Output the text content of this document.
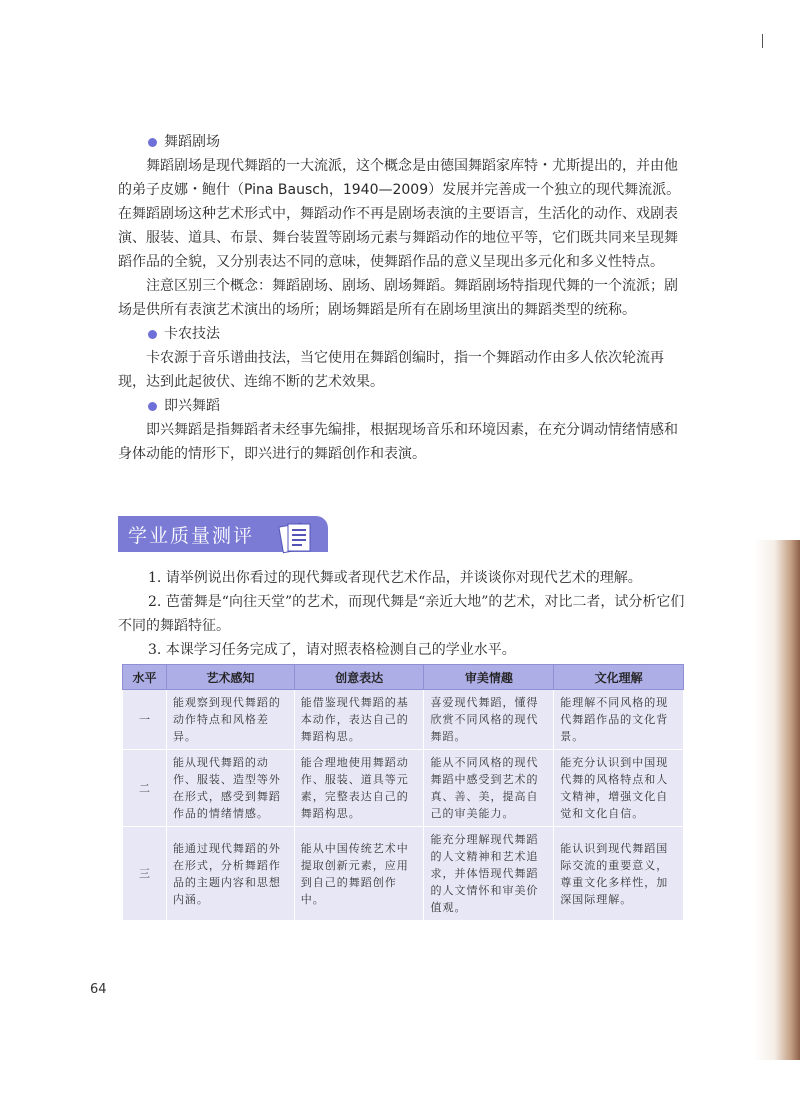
舞蹈剧场

舞蹈剧场是现代舞蹈的一大流派，这个概念是由德国舞蹈家库特・尤斯提出的，并由他的弟子皮娜・鲍什（Pina Bausch，1940—2009）发展并完善成一个独立的现代舞流派。在舞蹈剧场这种艺术形式中，舞蹈动作不再是剧场表演的主要语言，生活化的动作、戏剧表演、服装、道具、布景、舞台装置等剧场元素与舞蹈动作的地位平等，它们既共同来呈现舞蹈作品的全貌，又分别表达不同的意味，使舞蹈作品的意义呈现出多元化和多义性特点。

注意区别三个概念：舞蹈剧场、剧场、剧场舞蹈。舞蹈剧场特指现代舞的一个流派；剧场是供所有表演艺术演出的场所；剧场舞蹈是所有在剧场里演出的舞蹈类型的统称。

卡农技法

卡农源于音乐谱曲技法，当它使用在舞蹈创编时，指一个舞蹈动作由多人依次轮流再现，达到此起彼伏、连绵不断的艺术效果。

即兴舞蹈

即兴舞蹈是指舞蹈者未经事先编排，根据现场音乐和环境因素，在充分调动情绪情感和身体动能的情形下，即兴进行的舞蹈创作和表演。

学业质量测评

1. 请举例说出你看过的现代舞或者现代艺术作品，并谈谈你对现代艺术的理解。

2. 芭蕾舞是“向往天堂”的艺术，而现代舞是“亲近大地”的艺术，对比二者，试分析它们不同的舞蹈特征。

3. 本课学习任务完成了，请对照表格检测自己的学业水平。

水平	艺术感知	创意表达	审美情趣	文化理解
一	能观察到现代舞蹈的动作特点和风格差异。	能借鉴现代舞蹈的基本动作，表达自己的舞蹈构思。	喜爱现代舞蹈，懂得欣赏不同风格的现代舞蹈。	能理解不同风格的现代舞蹈作品的文化背景。
二	能从现代舞蹈的动作、服装、造型等外在形式，感受到舞蹈作品的情绪情感。	能合理地使用舞蹈动作、服装、道具等元素，完整表达自己的舞蹈构思。	能从不同风格的现代舞蹈中感受到艺术的真、善、美，提高自己的审美能力。	能充分认识到中国现代舞的风格特点和人文精神，增强文化自觉和文化自信。
三	能通过现代舞蹈的外在形式，分析舞蹈作品的主题内容和思想内涵。	能从中国传统艺术中提取创新元素，应用到自己的舞蹈创作中。	能充分理解现代舞蹈的人文精神和艺术追求，并体悟现代舞蹈的人文情怀和审美价值观。	能认识到现代舞蹈国际交流的重要意义，尊重文化多样性，加深国际理解。
64
